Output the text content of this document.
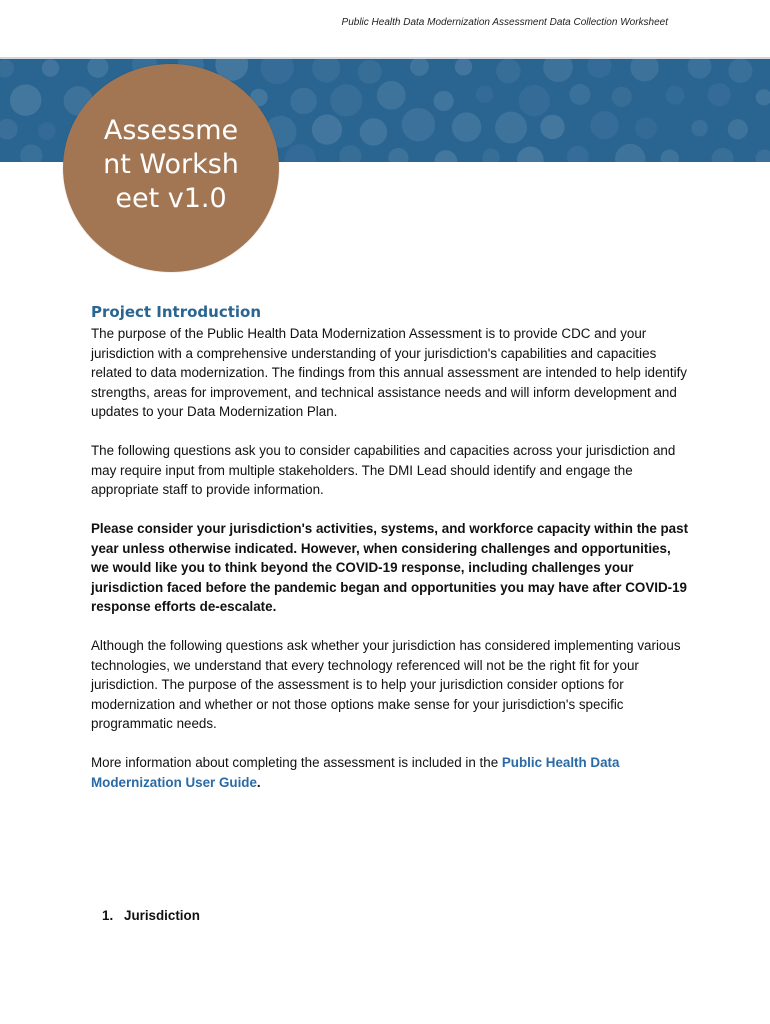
Public Health Data Modernization Assessment Data Collection Worksheet
Assessment Worksheet v1.0
Project Introduction

The purpose of the Public Health Data Modernization Assessment is to provide CDC and your jurisdiction with a comprehensive understanding of your jurisdiction's capabilities and capacities related to data modernization. The findings from this annual assessment are intended to help identify strengths, areas for improvement, and technical assistance needs and will inform development and updates to your Data Modernization Plan.

The following questions ask you to consider capabilities and capacities across your jurisdiction and may require input from multiple stakeholders. The DMI Lead should identify and engage the appropriate staff to provide information.

Please consider your jurisdiction's activities, systems, and workforce capacity within the past year unless otherwise indicated. However, when considering challenges and opportunities, we would like you to think beyond the COVID-19 response, including challenges your jurisdiction faced before the pandemic began and opportunities you may have after COVID-19 response efforts de-escalate.

Although the following questions ask whether your jurisdiction has considered implementing various technologies, we understand that every technology referenced will not be the right fit for your jurisdiction. The purpose of the assessment is to help your jurisdiction consider options for modernization and whether or not those options make sense for your jurisdiction's specific programmatic needs.

More information about completing the assessment is included in the Public Health Data Modernization User Guide.

1. Jurisdiction
